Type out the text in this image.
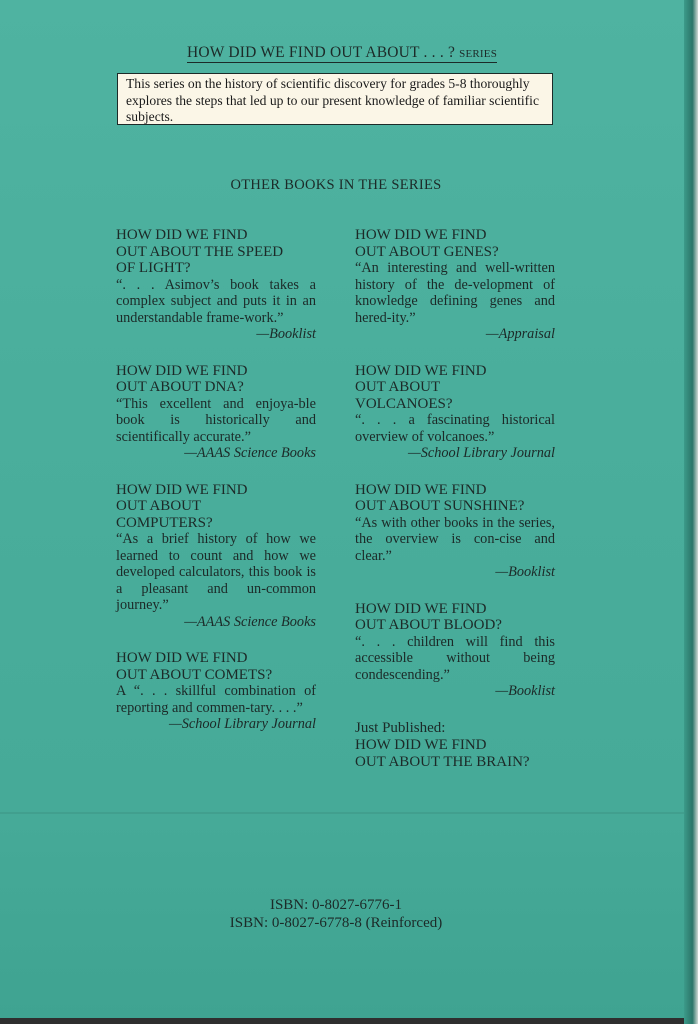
HOW DID WE FIND OUT ABOUT . . . ? SERIES
This series on the history of scientific discovery for grades 5-8 thoroughly explores the steps that led up to our present knowledge of familiar scientific subjects.
OTHER BOOKS IN THE SERIES
HOW DID WE FIND
OUT ABOUT THE SPEED
OF LIGHT?
“. . . Asimov’s book takes a complex subject and puts it in an understandable frame-work.”
—Booklist
HOW DID WE FIND
OUT ABOUT DNA?
“This excellent and enjoya-ble book is historically and scientifically accurate.”
—AAAS Science Books
HOW DID WE FIND
OUT ABOUT
COMPUTERS?
“As a brief history of how we learned to count and how we developed calculators, this book is a pleasant and un-common journey.”
—AAAS Science Books
HOW DID WE FIND
OUT ABOUT COMETS?
A “. . . skillful combination of reporting and commen-tary. . . .”
—School Library Journal
HOW DID WE FIND
OUT ABOUT GENES?
“An interesting and well-written history of the de-velopment of knowledge defining genes and hered-ity.”
—Appraisal
HOW DID WE FIND
OUT ABOUT
VOLCANOES?
“. . . a fascinating historical overview of volcanoes.”
—School Library Journal
HOW DID WE FIND
OUT ABOUT SUNSHINE?
“As with other books in the series, the overview is con-cise and clear.”
—Booklist
HOW DID WE FIND
OUT ABOUT BLOOD?
“. . . children will find this accessible without being condescending.”
—Booklist
Just Published:
HOW DID WE FIND
OUT ABOUT THE BRAIN?
ISBN: 0-8027-6776-1
ISBN: 0-8027-6778-8 (Reinforced)
